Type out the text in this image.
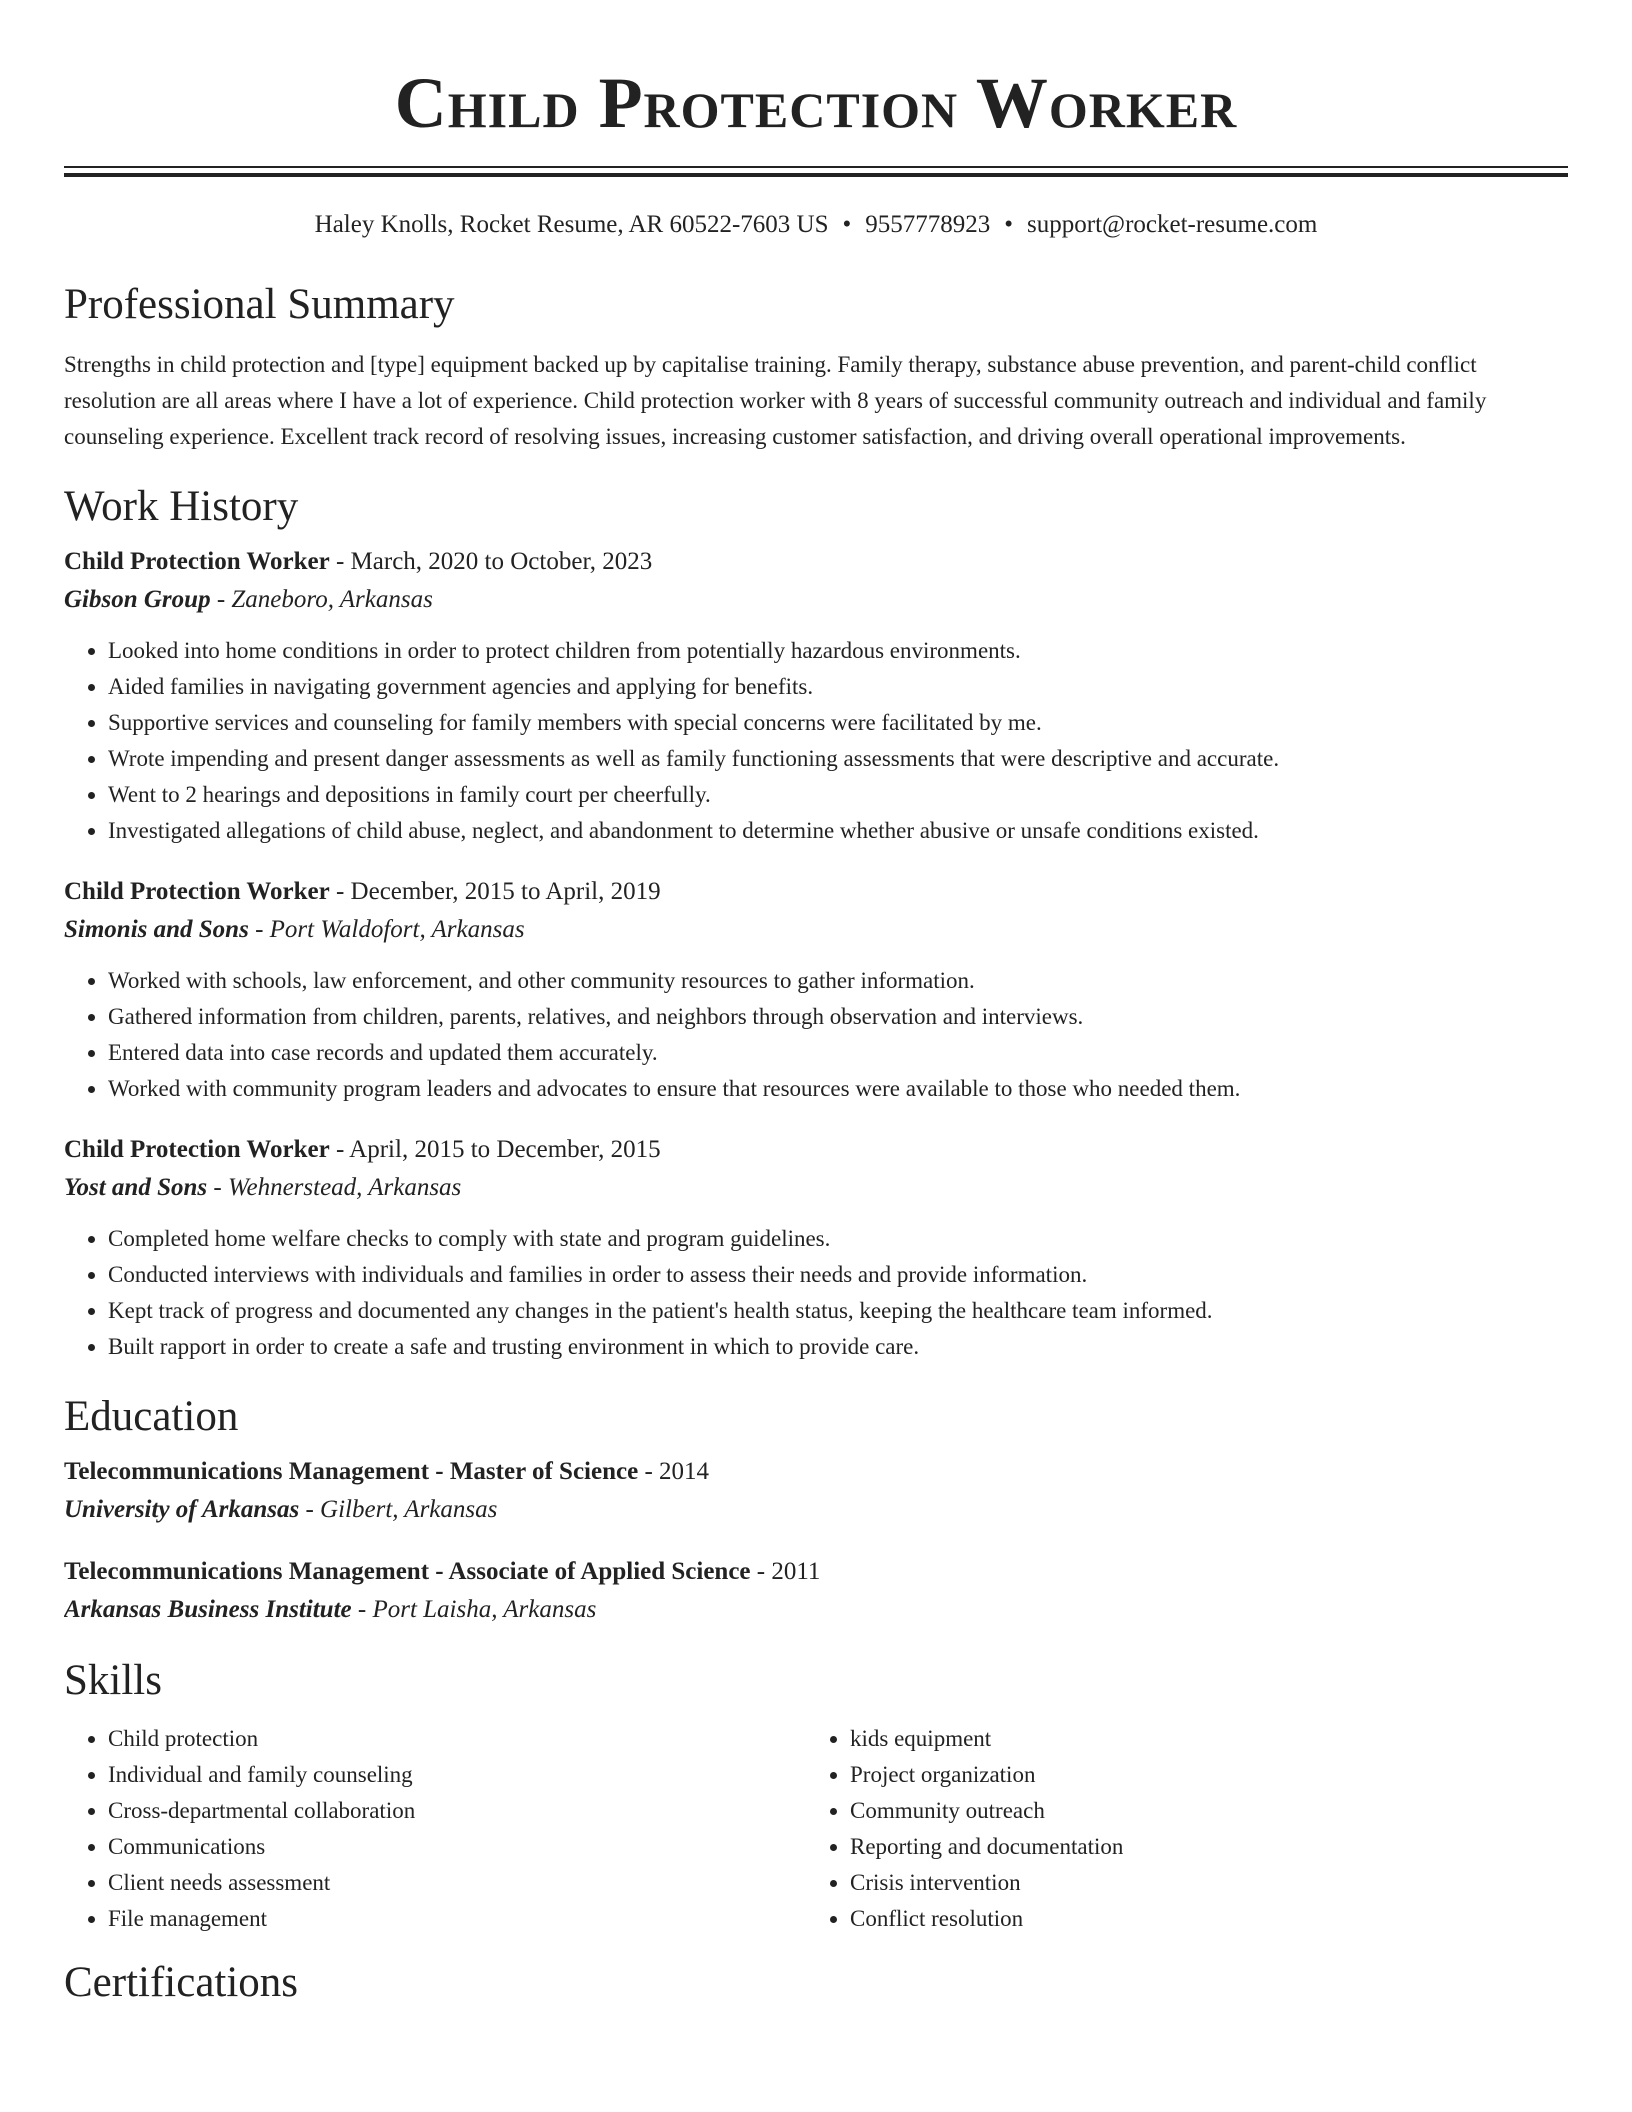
Child Protection Worker
Haley Knolls, Rocket Resume, AR 60522-7603 US • 9557778923 • support@rocket-resume.com
Professional Summary

Strengths in child protection and [type] equipment backed up by capitalise training. Family therapy, substance abuse prevention, and parent-child conflict resolution are all areas where I have a lot of experience. Child protection worker with 8 years of successful community outreach and individual and family counseling experience. Excellent track record of resolving issues, increasing customer satisfaction, and driving overall operational improvements.

Work History
Child Protection Worker - March, 2020 to October, 2023
Gibson Group - Zaneboro, Arkansas
• Looked into home conditions in order to protect children from potentially hazardous environments.
• Aided families in navigating government agencies and applying for benefits.
• Supportive services and counseling for family members with special concerns were facilitated by me.
• Wrote impending and present danger assessments as well as family functioning assessments that were descriptive and accurate.
• Went to 2 hearings and depositions in family court per cheerfully.
• Investigated allegations of child abuse, neglect, and abandonment to determine whether abusive or unsafe conditions existed.
Child Protection Worker - December, 2015 to April, 2019
Simonis and Sons - Port Waldofort, Arkansas
• Worked with schools, law enforcement, and other community resources to gather information.
• Gathered information from children, parents, relatives, and neighbors through observation and interviews.
• Entered data into case records and updated them accurately.
• Worked with community program leaders and advocates to ensure that resources were available to those who needed them.
Child Protection Worker - April, 2015 to December, 2015
Yost and Sons - Wehnerstead, Arkansas
• Completed home welfare checks to comply with state and program guidelines.
• Conducted interviews with individuals and families in order to assess their needs and provide information.
• Kept track of progress and documented any changes in the patient's health status, keeping the healthcare team informed.
• Built rapport in order to create a safe and trusting environment in which to provide care.
Education
Telecommunications Management - Master of Science - 2014
University of Arkansas - Gilbert, Arkansas
Telecommunications Management - Associate of Applied Science - 2011
Arkansas Business Institute - Port Laisha, Arkansas
Skills
• Child protection
• Individual and family counseling
• Cross-departmental collaboration
• Communications
• Client needs assessment
• File management
• kids equipment
• Project organization
• Community outreach
• Reporting and documentation
• Crisis intervention
• Conflict resolution
Certifications
